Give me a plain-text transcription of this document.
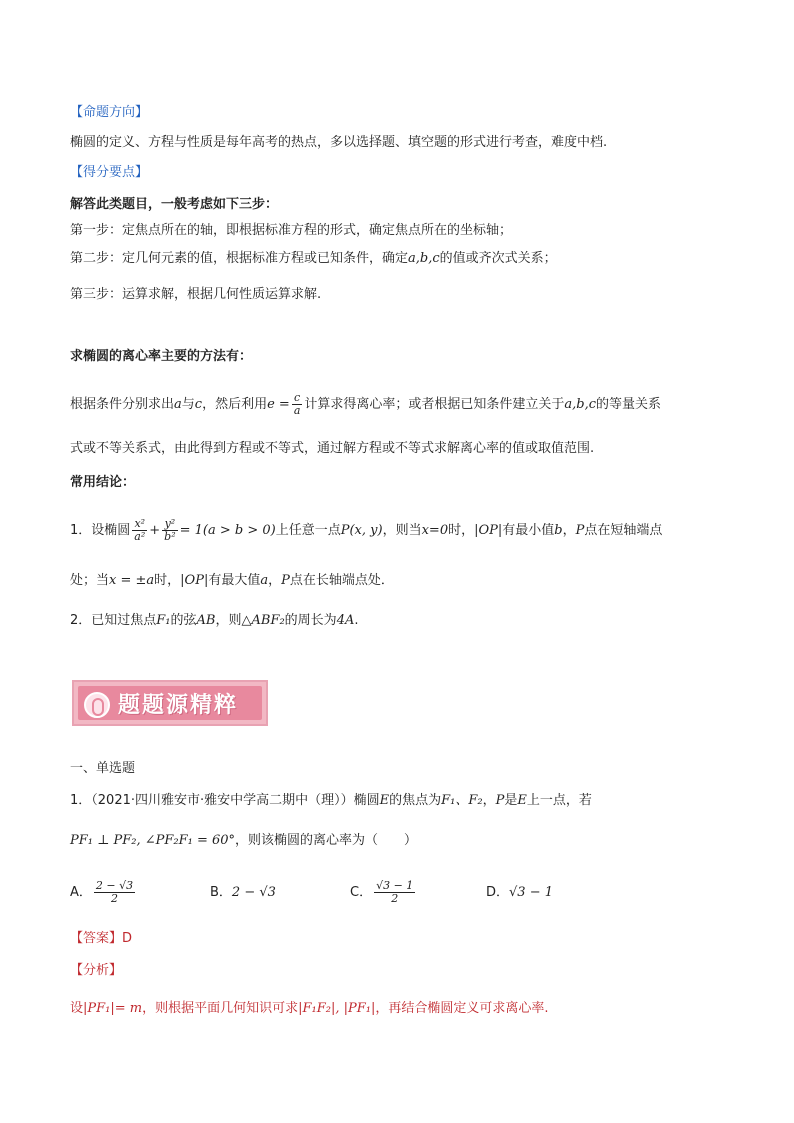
【命题方向】
椭圆的定义、方程与性质是每年高考的热点，多以选择题、填空题的形式进行考查，难度中档.
【得分要点】
解答此类题目，一般考虑如下三步：
第一步：定焦点所在的轴，即根据标准方程的形式，确定焦点所在的坐标轴；
第二步：定几何元素的值，根据标准方程或已知条件，确定a,b,c的值或齐次式关系；
第三步：运算求解，根据几何性质运算求解.
求椭圆的离心率主要的方法有：
根据条件分别求出a与c，然后利用$e = \frac{c}{a}$ 计算求得离心率；或者根据已知条件建立关于a,b,c的等量关系
式或不等关系式，由此得到方程或不等式，通过解方程或不等式求解离心率的值或取值范围.
常用结论：
1．设椭圆 $\frac{\text{x²}}{\text{a²}} + \frac{\text{y²}}{\text{b²}} = 1(a > b > 0)$上任意一点P(x, y)，则当x=0时，|OP|有最小值b，P点在短轴端点
处；当x = ±a时，|OP|有最大值a，P点在长轴端点处．
2．已知过焦点F₁的弦AB，则△ABF₂的周长为4A.
题题源精粹
一、单选题
1．（2021·四川雅安市·雅安中学高二期中（理））椭圆E的焦点为F₁、F₂，P是E上一点，若
PF₁ ⊥ PF₂, ∠PF₂F₁ = 60°，则该椭圆的离心率为（　　）
A． $\frac{2 - √3}{2}$	B．2 − √3	C． $\frac{√3 - 1}{2}$	D．√3 − 1
【答案】D
【分析】
设|PF₁|= m，则根据平面几何知识可求|F₁F₂|, |PF₁|，再结合椭圆定义可求离心率.
